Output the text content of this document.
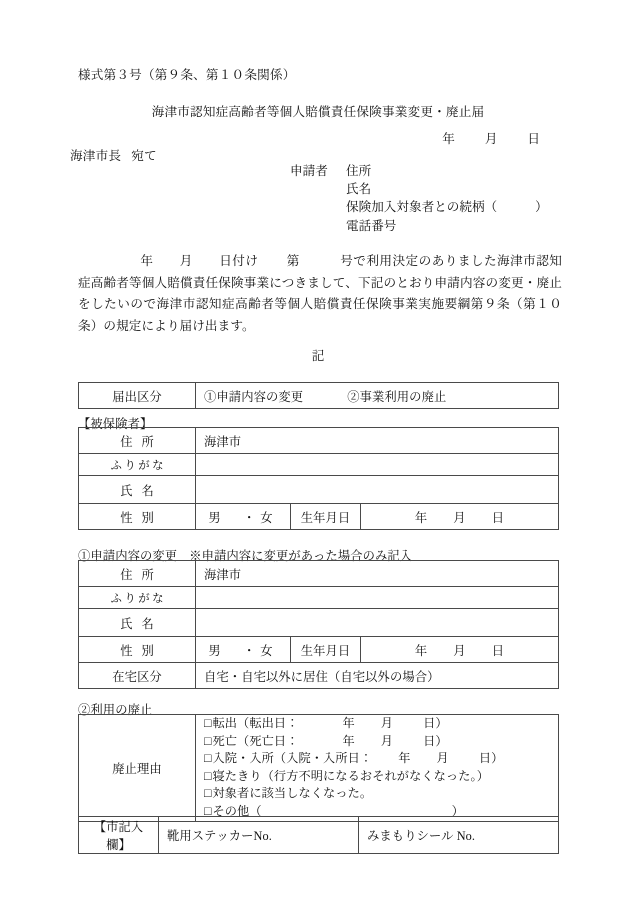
様式第３号（第９条、第１０条関係）
海津市認知症高齢者等個人賠償責任保険事業変更・廃止届
年 月 日
海津市長 宛て
申請者 住所
氏名
保険加入対象者との続柄（	）
電話番号
年 月 日付け 第	号で利用決定のありました海津市認知症高齢者等個人賠償責任保険事業につきまして、下記のとおり申請内容の変更・廃止をしたいので海津市認知症高齢者等個人賠償責任保険事業実施要綱第９条（第１０条）の規定により届け出ます。
記
届出区分	①申請内容の変更	②事業利用の廃止
【被保険者】
住所	海津市		
ふりがな			
氏名			
性別	男　・女	生年月日	年 月 日
①申請内容の変更 ※申請内容に変更があった場合のみ記入
住所	海津市		
ふりがな			
氏名			
性別	男　・女	生年月日	年 月 日
在宅区分	自宅・自宅以外に居住（自宅以外の場合）		
②利用の廃止
廃止理由	
□転出（転出日：	年 月 日）
□死亡（死亡日：	年 月 日）
□入院・入所（入院・入所日： 年 月 日）
□寝たきり（行方不明になるおそれがなくなった。）
□対象者に該当しなくなった。
□その他（	）
【市記入欄】	靴用ステッカーNo.	みまもりシール No.
